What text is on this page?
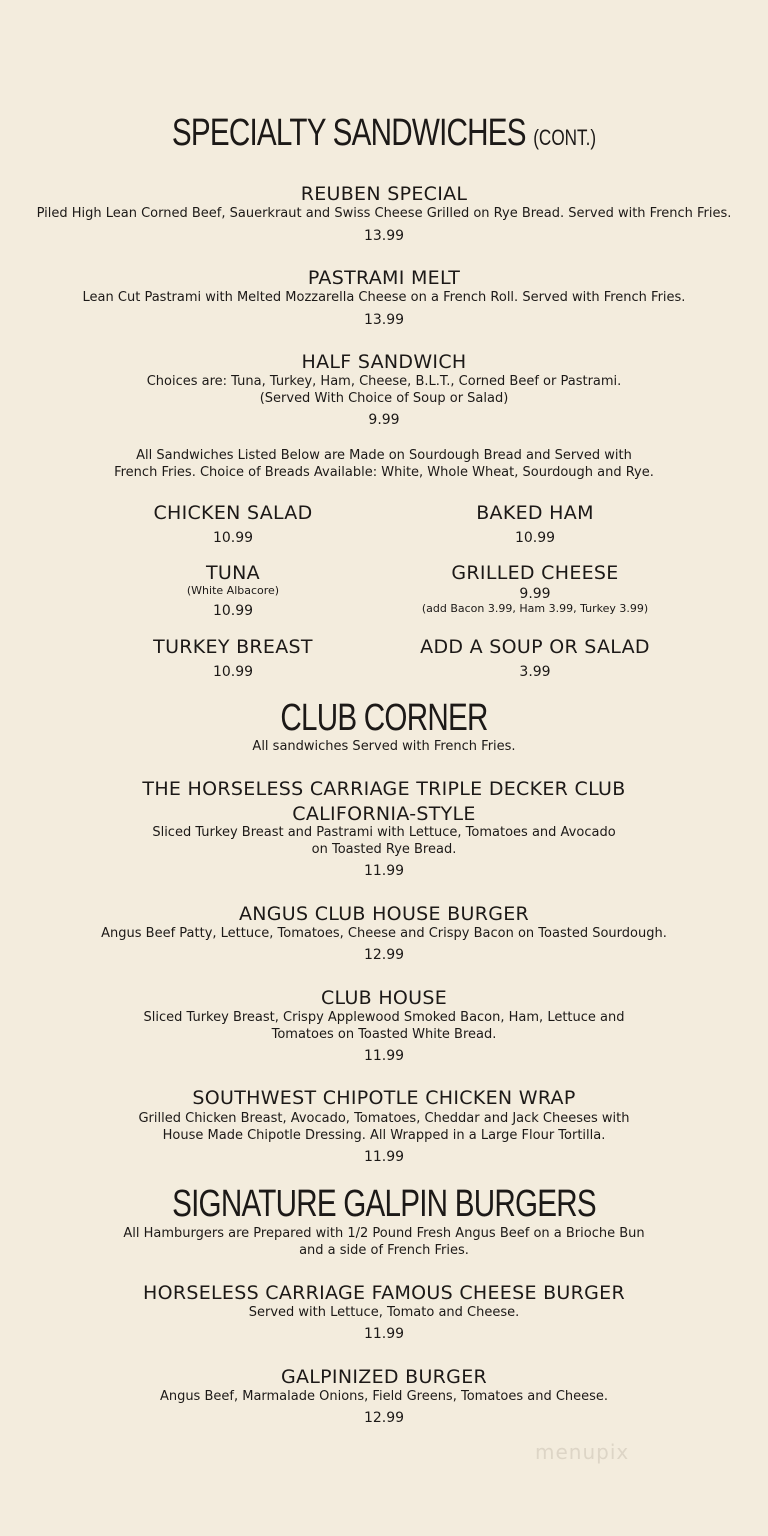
SPECIALTY SANDWICHES (CONT.)
REUBEN SPECIAL
Piled High Lean Corned Beef, Sauerkraut and Swiss Cheese Grilled on Rye Bread. Served with French Fries.
13.99
PASTRAMI MELT
Lean Cut Pastrami with Melted Mozzarella Cheese on a French Roll. Served with French Fries.
13.99
HALF SANDWICH
Choices are: Tuna, Turkey, Ham, Cheese, B.L.T., Corned Beef or Pastrami.
(Served With Choice of Soup or Salad)
9.99
All Sandwiches Listed Below are Made on Sourdough Bread and Served with
French Fries. Choice of Breads Available: White, Whole Wheat, Sourdough and Rye.
CHICKEN SALAD
10.99
BAKED HAM
10.99
TUNA
(White Albacore)
10.99
GRILLED CHEESE
9.99
(add Bacon 3.99, Ham 3.99, Turkey 3.99)
TURKEY BREAST
10.99
ADD A SOUP OR SALAD
3.99
CLUB CORNER
All sandwiches Served with French Fries.
THE HORSELESS CARRIAGE TRIPLE DECKER CLUB
CALIFORNIA-STYLE
Sliced Turkey Breast and Pastrami with Lettuce, Tomatoes and Avocado
on Toasted Rye Bread.
11.99
ANGUS CLUB HOUSE BURGER
Angus Beef Patty, Lettuce, Tomatoes, Cheese and Crispy Bacon on Toasted Sourdough.
12.99
CLUB HOUSE
Sliced Turkey Breast, Crispy Applewood Smoked Bacon, Ham, Lettuce and
Tomatoes on Toasted White Bread.
11.99
SOUTHWEST CHIPOTLE CHICKEN WRAP
Grilled Chicken Breast, Avocado, Tomatoes, Cheddar and Jack Cheeses with
House Made Chipotle Dressing. All Wrapped in a Large Flour Tortilla.
11.99
SIGNATURE GALPIN BURGERS
All Hamburgers are Prepared with 1/2 Pound Fresh Angus Beef on a Brioche Bun
and a side of French Fries.
HORSELESS CARRIAGE FAMOUS CHEESE BURGER
Served with Lettuce, Tomato and Cheese.
11.99
GALPINIZED BURGER
Angus Beef, Marmalade Onions, Field Greens, Tomatoes and Cheese.
12.99
menupix
